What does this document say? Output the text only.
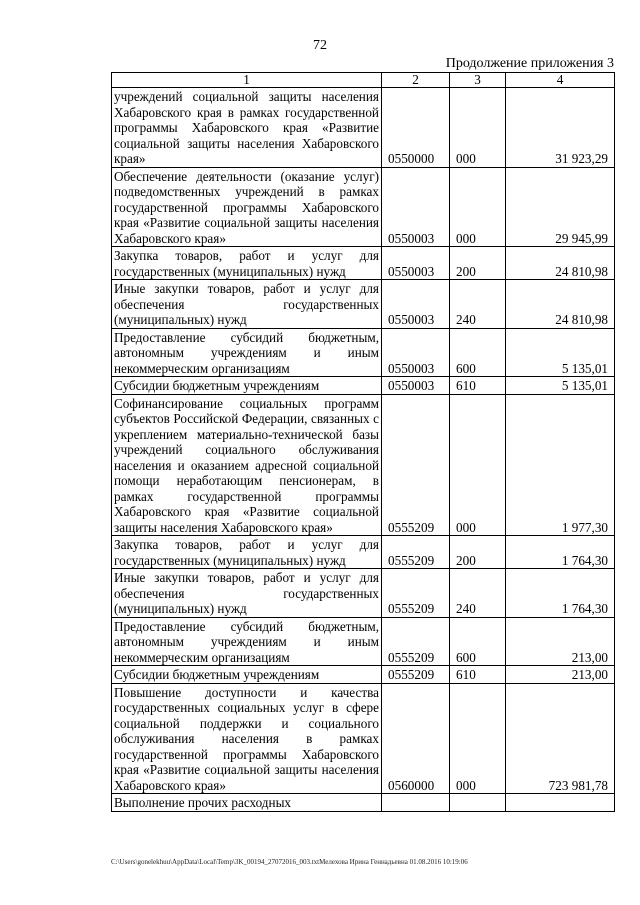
72
Продолжение приложения 3
1	2	3	4
учреждений социальной защиты населения Хабаровского края в рамках государственной программы Хабаровского края «Развитие социальной защиты населения Хабаровского края»	0550000	000	31 923,29
Обеспечение деятельности (оказание услуг) подведомственных учреждений в рамках государственной программы Хабаровского края «Развитие социальной защиты населения Хабаровского края»	0550003	000	29 945,99
Закупка товаров, работ и услуг для государственных (муниципальных) нужд	0550003	200	24 810,98
Иные закупки товаров, работ и услуг для обеспечения государственных (муниципальных) нужд	0550003	240	24 810,98
Предоставление субсидий бюджетным, автономным учреждениям и иным некоммерческим организациям	0550003	600	5 135,01
Субсидии бюджетным учреждениям	0550003	610	5 135,01
Софинансирование социальных программ субъектов Российской Федерации, связанных с укреплением материально-технической базы учреждений социального обслуживания населения и оказанием адресной социальной помощи неработающим пенсионерам, в рамках государственной программы Хабаровского края «Развитие социальной защиты населения Хабаровского края»	0555209	000	1 977,30
Закупка товаров, работ и услуг для государственных (муниципальных) нужд	0555209	200	1 764,30
Иные закупки товаров, работ и услуг для обеспечения государственных (муниципальных) нужд	0555209	240	1 764,30
Предоставление субсидий бюджетным, автономным учреждениям и иным некоммерческим организациям	0555209	600	213,00
Субсидии бюджетным учреждениям	0555209	610	213,00
Повышение доступности и качества государственных социальных услуг в сфере социальной поддержки и социального обслуживания населения в рамках государственной программы Хабаровского края «Развитие социальной защиты населения Хабаровского края»	0560000	000	723 981,78
Выполнение прочих расходных			
C:\Users\gonelekhuu\AppData\Local\Temp\3K_00194_27072016_003.txtМелехова Ирина Геннадьевна 01.08.2016 10:19:06
